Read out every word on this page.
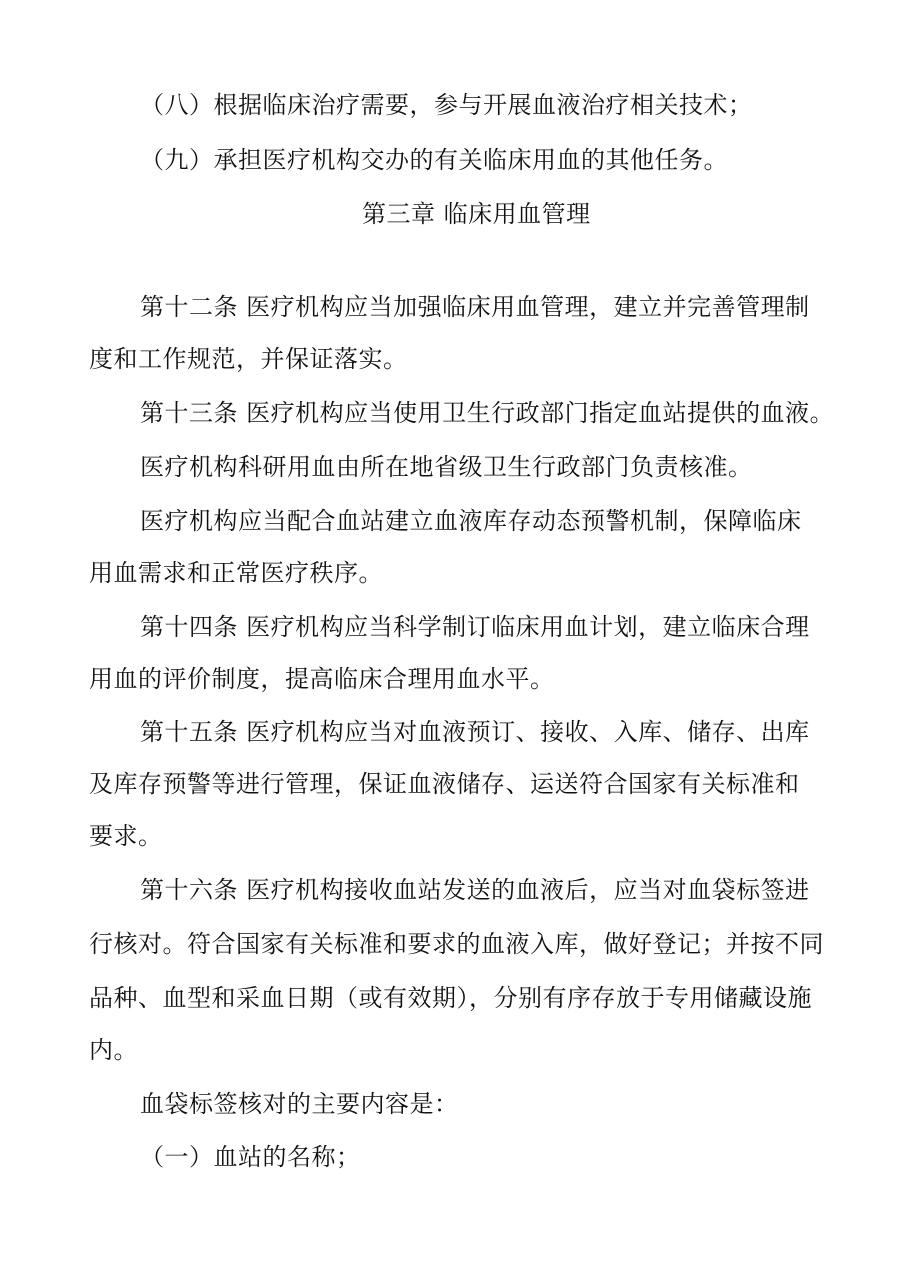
（八）根据临床治疗需要，参与开展血液治疗相关技术；

（九）承担医疗机构交办的有关临床用血的其他任务。

第三章 临床用血管理

第十二条 医疗机构应当加强临床用血管理，建立并完善管理制

度和工作规范，并保证落实。

第十三条 医疗机构应当使用卫生行政部门指定血站提供的血液。

医疗机构科研用血由所在地省级卫生行政部门负责核准。

医疗机构应当配合血站建立血液库存动态预警机制，保障临床

用血需求和正常医疗秩序。

第十四条 医疗机构应当科学制订临床用血计划，建立临床合理

用血的评价制度，提高临床合理用血水平。

第十五条 医疗机构应当对血液预订、接收、入库、储存、出库

及库存预警等进行管理，保证血液储存、运送符合国家有关标准和

要求。

第十六条 医疗机构接收血站发送的血液后，应当对血袋标签进

行核对。符合国家有关标准和要求的血液入库，做好登记；并按不同

品种、血型和采血日期（或有效期），分别有序存放于专用储藏设施

内。

血袋标签核对的主要内容是：

（一）血站的名称；
